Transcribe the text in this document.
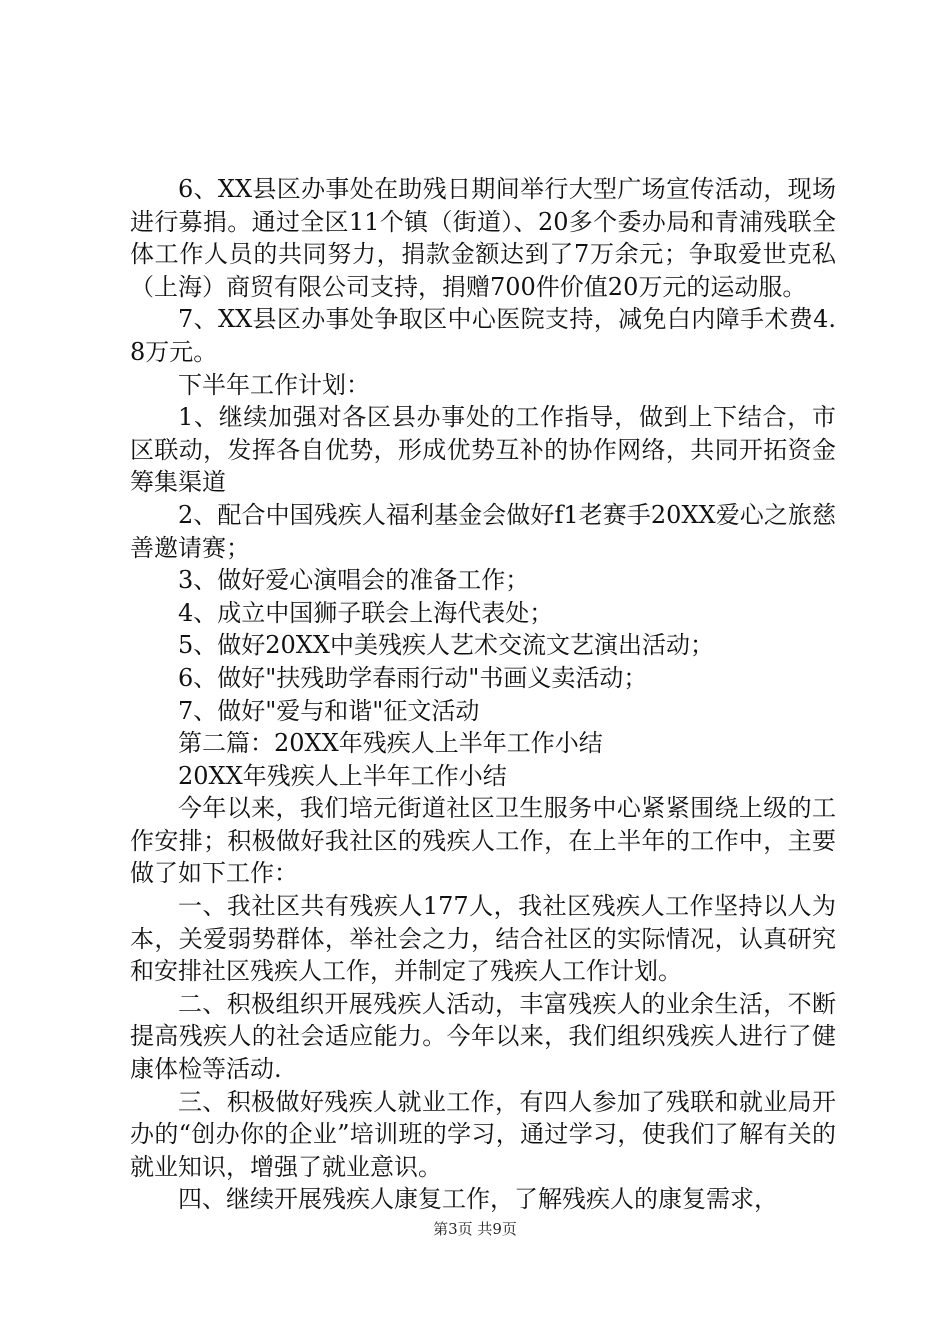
6、XX县区办事处在助残日期间举行大型广场宣传活动，现场进行募捐。通过全区11个镇（街道）、20多个委办局和青浦残联全体工作人员的共同努力，捐款金额达到了7万余元；争取爱世克私（上海）商贸有限公司支持，捐赠700件价值20万元的运动服。

7、XX县区办事处争取区中心医院支持，减免白内障手术费4.8万元。

下半年工作计划：

1、继续加强对各区县办事处的工作指导，做到上下结合，市区联动，发挥各自优势，形成优势互补的协作网络，共同开拓资金筹集渠道

2、配合中国残疾人福利基金会做好f1老赛手20XX爱心之旅慈善邀请赛；

3、做好爱心演唱会的准备工作；

4、成立中国狮子联会上海代表处；

5、做好20XX中美残疾人艺术交流文艺演出活动；

6、做好"扶残助学春雨行动"书画义卖活动；

7、做好"爱与和谐"征文活动

第二篇：20XX年残疾人上半年工作小结

20XX年残疾人上半年工作小结

今年以来，我们培元街道社区卫生服务中心紧紧围绕上级的工作安排；积极做好我社区的残疾人工作，在上半年的工作中，主要做了如下工作：

一、我社区共有残疾人177人，我社区残疾人工作坚持以人为本，关爱弱势群体，举社会之力，结合社区的实际情况，认真研究和安排社区残疾人工作，并制定了残疾人工作计划。

二、积极组织开展残疾人活动，丰富残疾人的业余生活，不断提高残疾人的社会适应能力。今年以来，我们组织残疾人进行了健康体检等活动.

三、积极做好残疾人就业工作，有四人参加了残联和就业局开办的“创办你的企业”培训班的学习，通过学习，使我们了解有关的就业知识，增强了就业意识。

四、继续开展残疾人康复工作，了解残疾人的康复需求，

第3页 共9页
